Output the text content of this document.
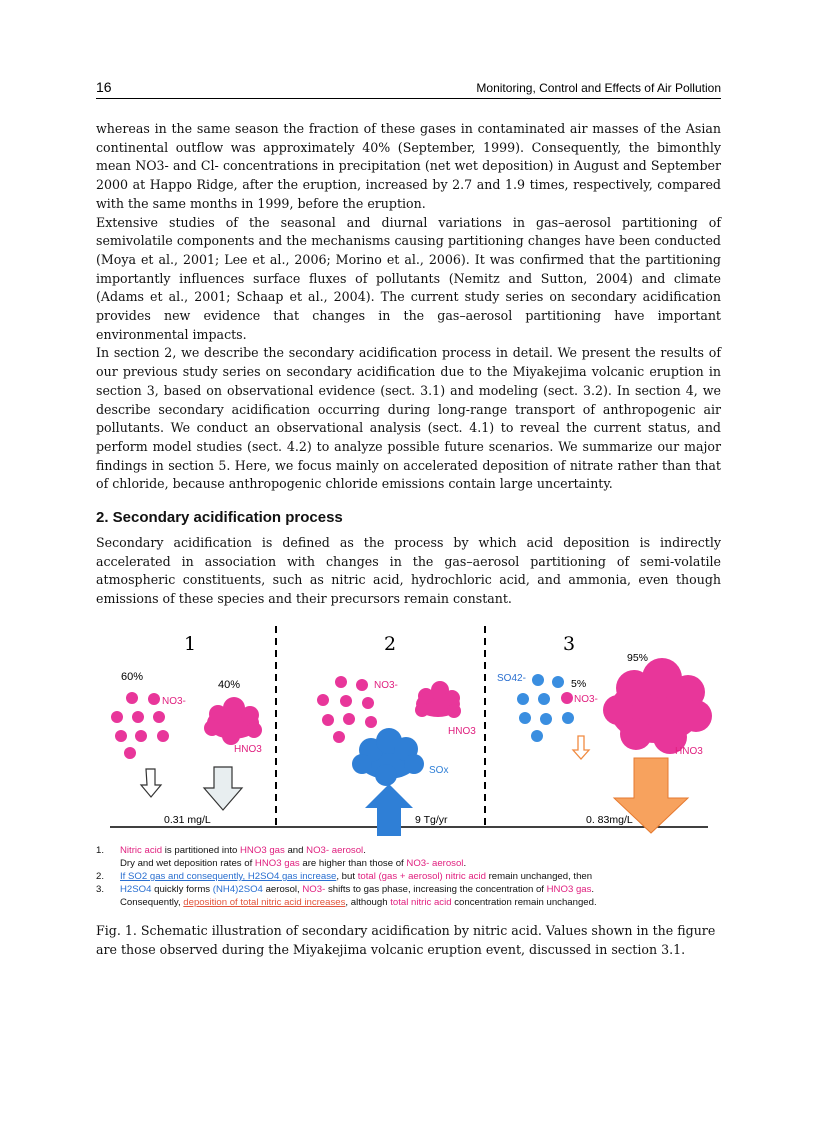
16	Monitoring, Control and Effects of Air Pollution

whereas in the same season the fraction of these gases in contaminated air masses of the Asian continental outflow was approximately 40% (September, 1999). Consequently, the bimonthly mean NO3- and Cl- concentrations in precipitation (net wet deposition) in August and September 2000 at Happo Ridge, after the eruption, increased by 2.7 and 1.9 times, respectively, compared with the same months in 1999, before the eruption.

Extensive studies of the seasonal and diurnal variations in gas–aerosol partitioning of semivolatile components and the mechanisms causing partitioning changes have been conducted (Moya et al., 2001; Lee et al., 2006; Morino et al., 2006). It was confirmed that the partitioning importantly influences surface fluxes of pollutants (Nemitz and Sutton, 2004) and climate (Adams et al., 2001; Schaap et al., 2004). The current study series on secondary acidification provides new evidence that changes in the gas–aerosol partitioning have important environmental impacts.

In section 2, we describe the secondary acidification process in detail. We present the results of our previous study series on secondary acidification due to the Miyakejima volcanic eruption in section 3, based on observational evidence (sect. 3.1) and modeling (sect. 3.2). In section 4, we describe secondary acidification occurring during long-range transport of anthropogenic air pollutants. We conduct an observational analysis (sect. 4.1) to reveal the current status, and perform model studies (sect. 4.2) to analyze possible future scenarios. We summarize our major findings in section 5. Here, we focus mainly on accelerated deposition of nitrate rather than that of chloride, because anthropogenic chloride emissions contain large uncertainty.

2. Secondary acidification process

Secondary acidification is defined as the process by which acid deposition is indirectly accelerated in association with changes in the gas–aerosol partitioning of semi-volatile atmospheric constituents, such as nitric acid, hydrochloric acid, and ammonia, even though emissions of these species and their precursors remain constant.

1	2	3
60%
40%
NO3-
HNO3
0.31 mg/L
NO3-
HNO3
SOx
9 Tg/yr
SO42-	5%
95%
NO3-
HNO3
0. 83mg/L
1. Nitric acid is partitioned into HNO3 gas and NO3- aerosol.
Dry and wet deposition rates of HNO3 gas are higher than those of NO3- aerosol.
2. If SO2 gas and consequently, H2SO4 gas increase, but total (gas + aerosol) nitric acid remain unchanged, then
3. H2SO4 quickly forms (NH4)2SO4 aerosol, NO3- shifts to gas phase, increasing the concentration of HNO3 gas.
Consequently, deposition of total nitric acid increases, although total nitric acid concentration remain unchanged.
Fig. 1. Schematic illustration of secondary acidification by nitric acid. Values shown in the figure are those observed during the Miyakejima volcanic eruption event, discussed in section 3.1.
